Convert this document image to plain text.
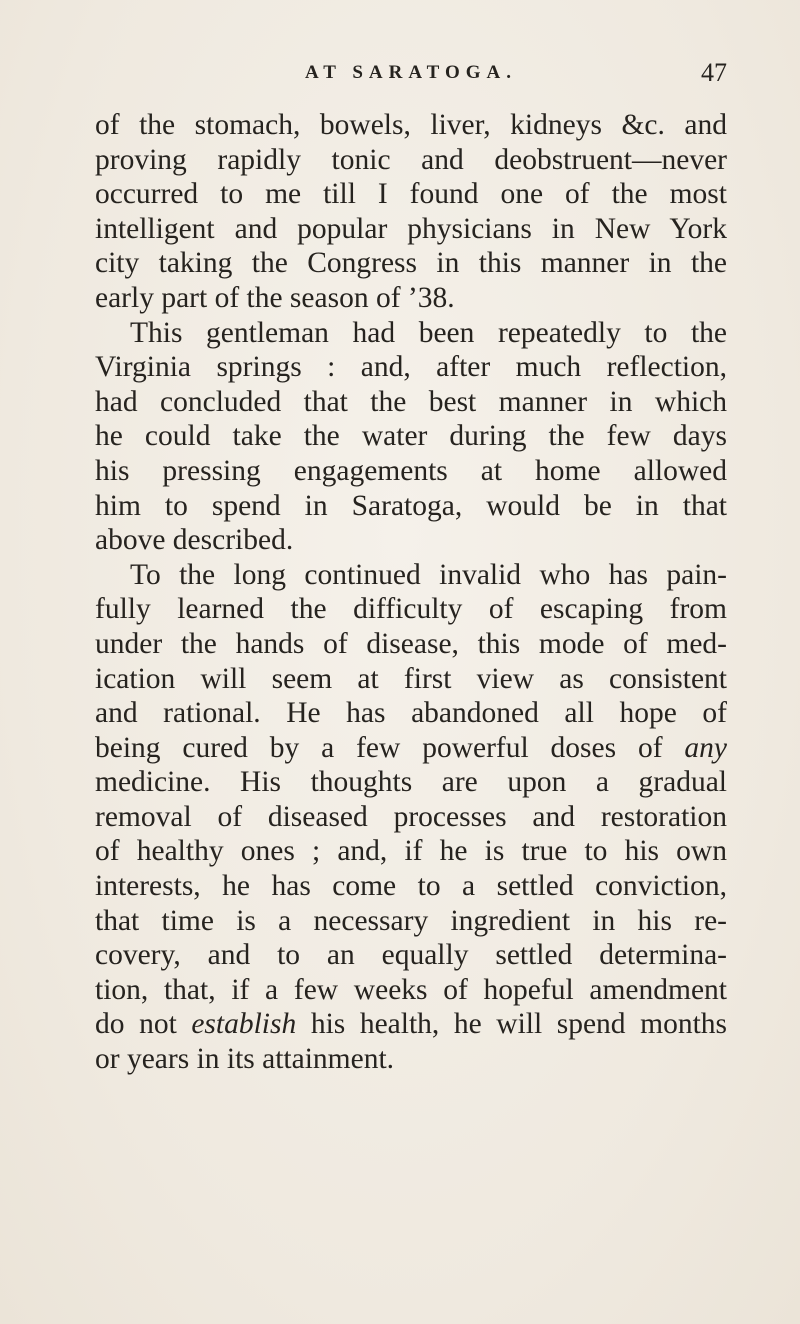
AT SARATOGA.	47
of the stomach, bowels, liver, kidneys &c. and
proving rapidly tonic and deobstruent—never
occurred to me till I found one of the most
intelligent and popular physicians in New York
city taking the Congress in this manner in the
early part of the season of ’38.
This gentleman had been repeatedly to the
Virginia springs : and, after much reflection,
had concluded that the best manner in which
he could take the water during the few days
his pressing engagements at home allowed
him to spend in Saratoga, would be in that
above described.
To the long continued invalid who has pain-
fully learned the difficulty of escaping from
under the hands of disease, this mode of med-
ication will seem at first view as consistent
and rational. He has abandoned all hope of
being cured by a few powerful doses of any
medicine. His thoughts are upon a gradual
removal of diseased processes and restoration
of healthy ones ; and, if he is true to his own
interests, he has come to a settled conviction,
that time is a necessary ingredient in his re-
covery, and to an equally settled determina-
tion, that, if a few weeks of hopeful amendment
do not establish his health, he will spend months
or years in its attainment.
